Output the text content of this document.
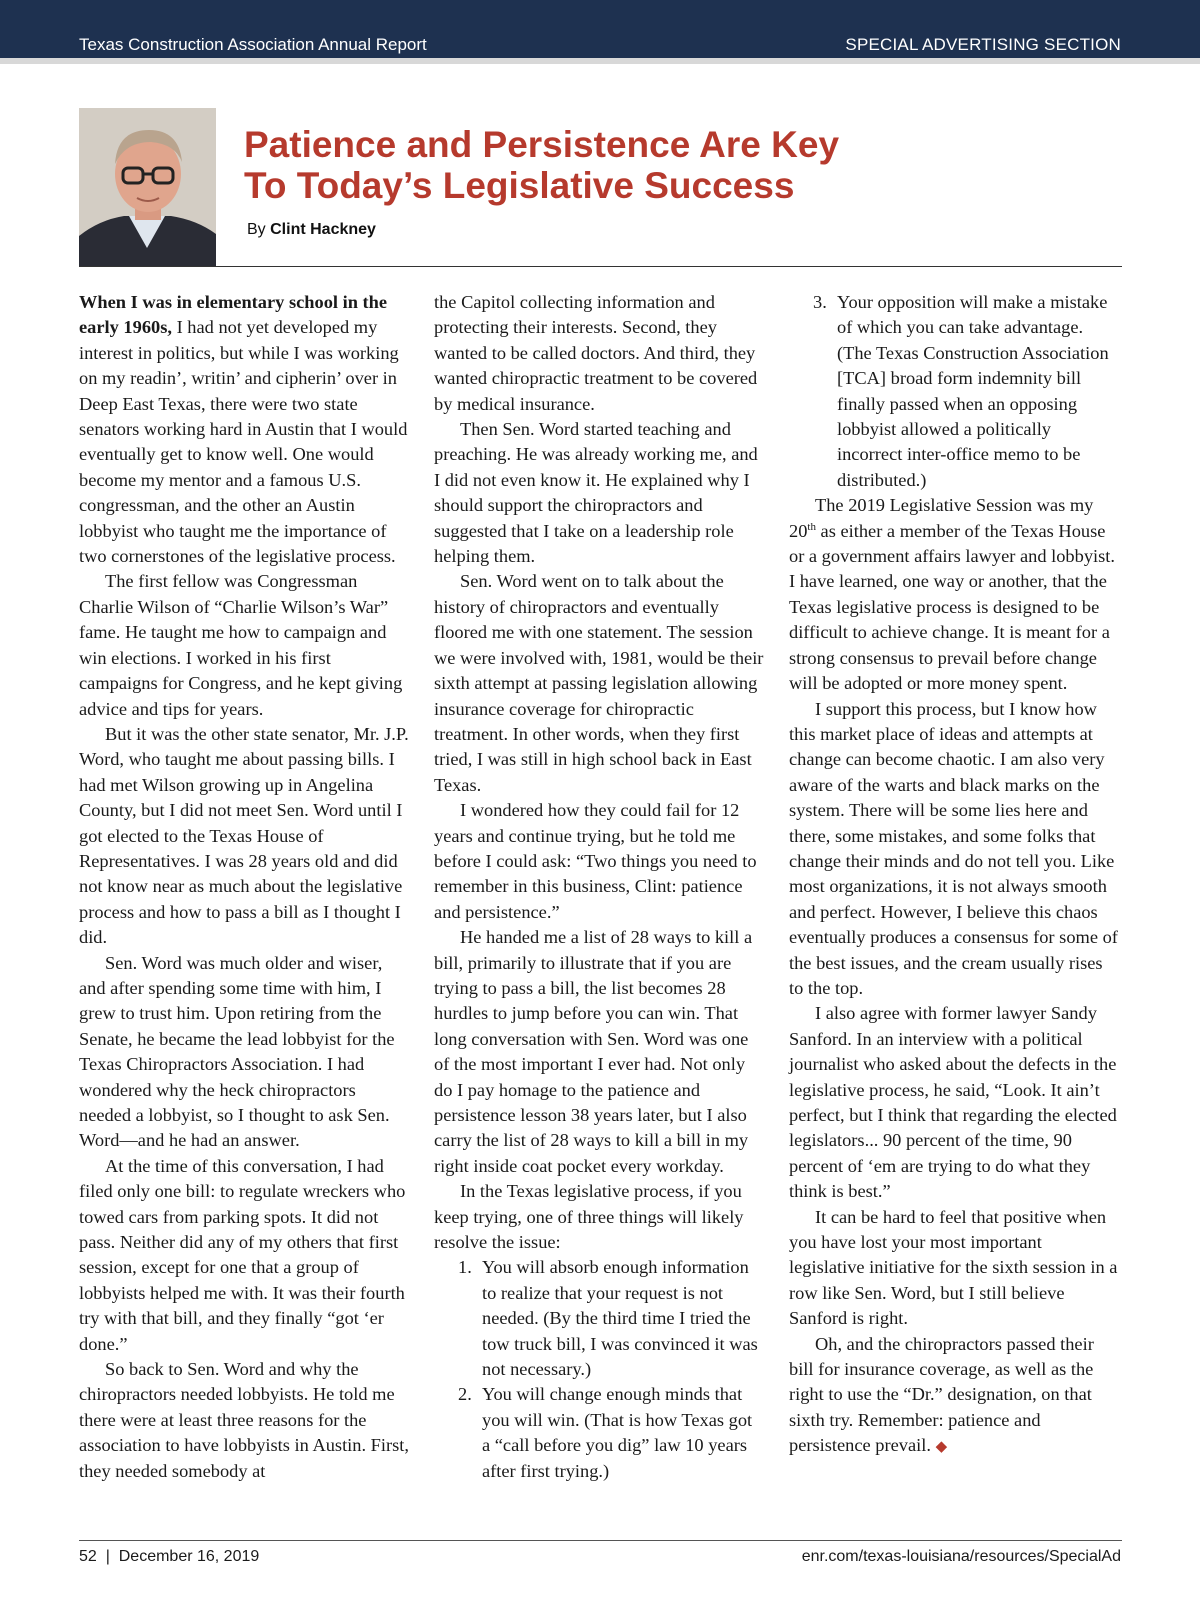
Texas Construction Association Annual Report	SPECIAL ADVERTISING SECTION
Patience and Persistence Are Key
To Today’s Legislative Success
By Clint Hackney

When I was in elementary school in the early 1960s, I had not yet developed my interest in politics, but while I was working on my readin’, writin’ and cipherin’ over in Deep East Texas, there were two state senators working hard in Austin that I would eventually get to know well. One would become my mentor and a famous U.S. congressman, and the other an Austin lobbyist who taught me the importance of two cornerstones of the legislative process.

The first fellow was Congressman Charlie Wilson of “Charlie Wilson’s War” fame. He taught me how to campaign and win elections. I worked in his first campaigns for Congress, and he kept giving advice and tips for years.

But it was the other state senator, Mr. J.P. Word, who taught me about passing bills. I had met Wilson growing up in Angelina County, but I did not meet Sen. Word until I got elected to the Texas House of Representatives. I was 28 years old and did not know near as much about the legislative process and how to pass a bill as I thought I did.

Sen. Word was much older and wiser, and after spending some time with him, I grew to trust him. Upon retiring from the Senate, he became the lead lobbyist for the Texas Chiropractors Association. I had wondered why the heck chiropractors needed a lobbyist, so I thought to ask Sen. Word—and he had an answer.

At the time of this conversation, I had filed only one bill: to regulate wreckers who towed cars from parking spots. It did not pass. Neither did any of my others that first session, except for one that a group of lobbyists helped me with. It was their fourth try with that bill, and they finally “got ‘er done.”

So back to Sen. Word and why the chiropractors needed lobbyists. He told me there were at least three reasons for the association to have lobbyists in Austin. First, they needed somebody at

the Capitol collecting information and protecting their interests. Second, they wanted to be called doctors. And third, they wanted chiropractic treatment to be covered by medical insurance.

Then Sen. Word started teaching and preaching. He was already working me, and I did not even know it. He explained why I should support the chiropractors and suggested that I take on a leadership role helping them.

Sen. Word went on to talk about the history of chiropractors and eventually floored me with one statement. The session we were involved with, 1981, would be their sixth attempt at passing legislation allowing insurance coverage for chiropractic treatment. In other words, when they first tried, I was still in high school back in East Texas.

I wondered how they could fail for 12 years and continue trying, but he told me before I could ask: “Two things you need to remember in this business, Clint: patience and persistence.”

He handed me a list of 28 ways to kill a bill, primarily to illustrate that if you are trying to pass a bill, the list becomes 28 hurdles to jump before you can win. That long conversation with Sen. Word was one of the most important I ever had. Not only do I pay homage to the patience and persistence lesson 38 years later, but I also carry the list of 28 ways to kill a bill in my right inside coat pocket every workday.

In the Texas legislative process, if you keep trying, one of three things will likely resolve the issue:

1. You will absorb enough information to realize that your request is not needed. (By the third time I tried the tow truck bill, I was convinced it was not necessary.)
2. You will change enough minds that you will win. (That is how Texas got a “call before you dig” law 10 years after first trying.)
3. Your opposition will make a mistake of which you can take advantage. (The Texas Construction Association [TCA] broad form indemnity bill finally passed when an opposing lobbyist allowed a politically incorrect inter-office memo to be distributed.)

The 2019 Legislative Session was my 20th as either a member of the Texas House or a government affairs lawyer and lobbyist. I have learned, one way or another, that the Texas legislative process is designed to be difficult to achieve change. It is meant for a strong consensus to prevail before change will be adopted or more money spent.

I support this process, but I know how this market place of ideas and attempts at change can become chaotic. I am also very aware of the warts and black marks on the system. There will be some lies here and there, some mistakes, and some folks that change their minds and do not tell you. Like most organizations, it is not always smooth and perfect. However, I believe this chaos eventually produces a consensus for some of the best issues, and the cream usually rises to the top.

I also agree with former lawyer Sandy Sanford. In an interview with a political journalist who asked about the defects in the legislative process, he said, “Look. It ain’t perfect, but I think that regarding the elected legislators... 90 percent of the time, 90 percent of ‘em are trying to do what they think is best.”

It can be hard to feel that positive when you have lost your most important legislative initiative for the sixth session in a row like Sen. Word, but I still believe Sanford is right.

Oh, and the chiropractors passed their bill for insurance coverage, as well as the right to use the “Dr.” designation, on that sixth try. Remember: patience and persistence prevail. ◆

52  |  December 16, 2019	enr.com/texas-louisiana/resources/SpecialAd
